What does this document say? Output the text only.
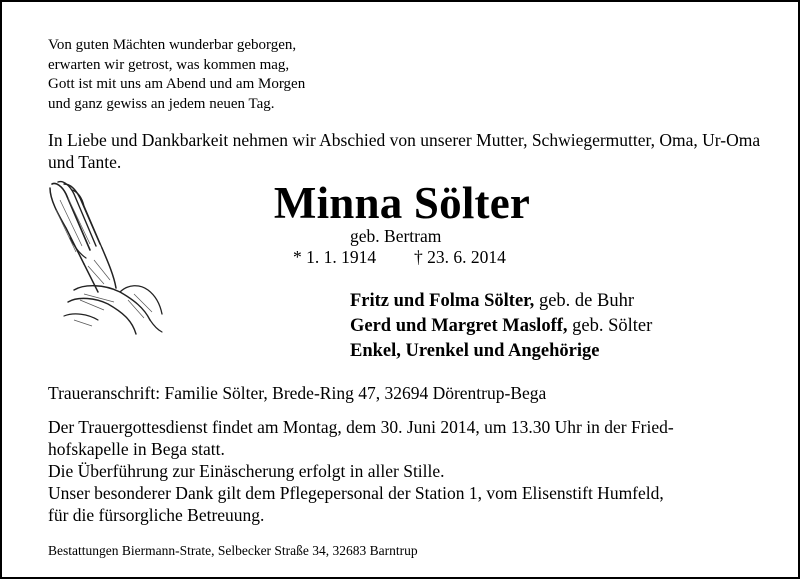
Von guten Mächten wunderbar geborgen,
erwarten wir getrost, was kommen mag,
Gott ist mit uns am Abend und am Morgen
und ganz gewiss an jedem neuen Tag.
In Liebe und Dankbarkeit nehmen wir Abschied von unserer Mutter, Schwiegermutter, Oma, Ur-Oma und Tante.
Minna Sölter
geb. Bertram
* 1. 1. 1914 † 23. 6. 2014
Fritz und Folma Sölter, geb. de Buhr
Gerd und Margret Masloff, geb. Sölter
Enkel, Urenkel und Angehörige
Traueranschrift: Familie Sölter, Brede-Ring 47, 32694 Dörentrup-Bega
Der Trauergottesdienst findet am Montag, dem 30. Juni 2014, um 13.30 Uhr in der Fried-
hofskapelle in Bega statt.
Die Überführung zur Einäscherung erfolgt in aller Stille.
Unser besonderer Dank gilt dem Pflegepersonal der Station 1, vom Elisenstift Humfeld,
für die fürsorgliche Betreuung.
Bestattungen Biermann-Strate, Selbecker Straße 34, 32683 Barntrup
